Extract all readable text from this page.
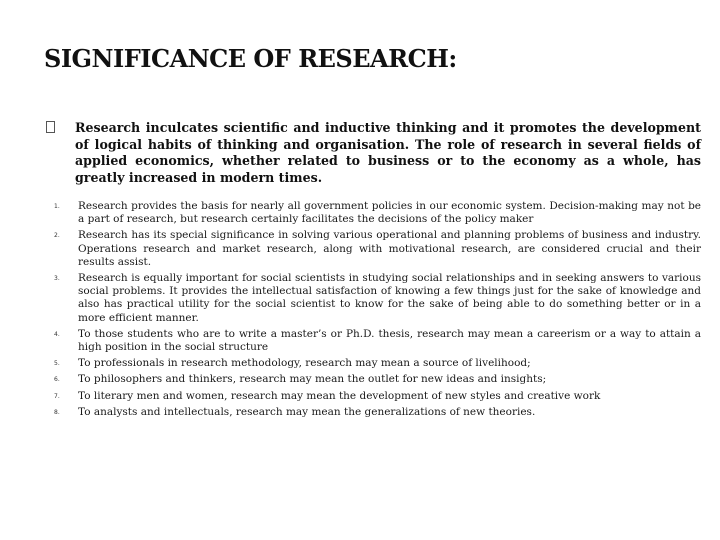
SIGNIFICANCE OF RESEARCH:
Research inculcates scientific and inductive thinking and it promotes the development of logical habits of thinking and organisation. The role of research in several fields of applied economics, whether related to business or to the economy as a whole, has greatly increased in modern times.
1. Research provides the basis for nearly all government policies in our economic system. Decision-making may not be a part of research, but research certainly facilitates the decisions of the policy maker
2. Research has its special significance in solving various operational and planning problems of business and industry. Operations research and market research, along with motivational research, are considered crucial and their results assist.
3. Research is equally important for social scientists in studying social relationships and in seeking answers to various social problems. It provides the intellectual satisfaction of knowing a few things just for the sake of knowledge and also has practical utility for the social scientist to know for the sake of being able to do something better or in a more efficient manner.
4. To those students who are to write a master’s or Ph.D. thesis, research may mean a careerism or a way to attain a high position in the social structure
5. To professionals in research methodology, research may mean a source of livelihood;
6. To philosophers and thinkers, research may mean the outlet for new ideas and insights;
7. To literary men and women, research may mean the development of new styles and creative work
8. To analysts and intellectuals, research may mean the generalizations of new theories.
